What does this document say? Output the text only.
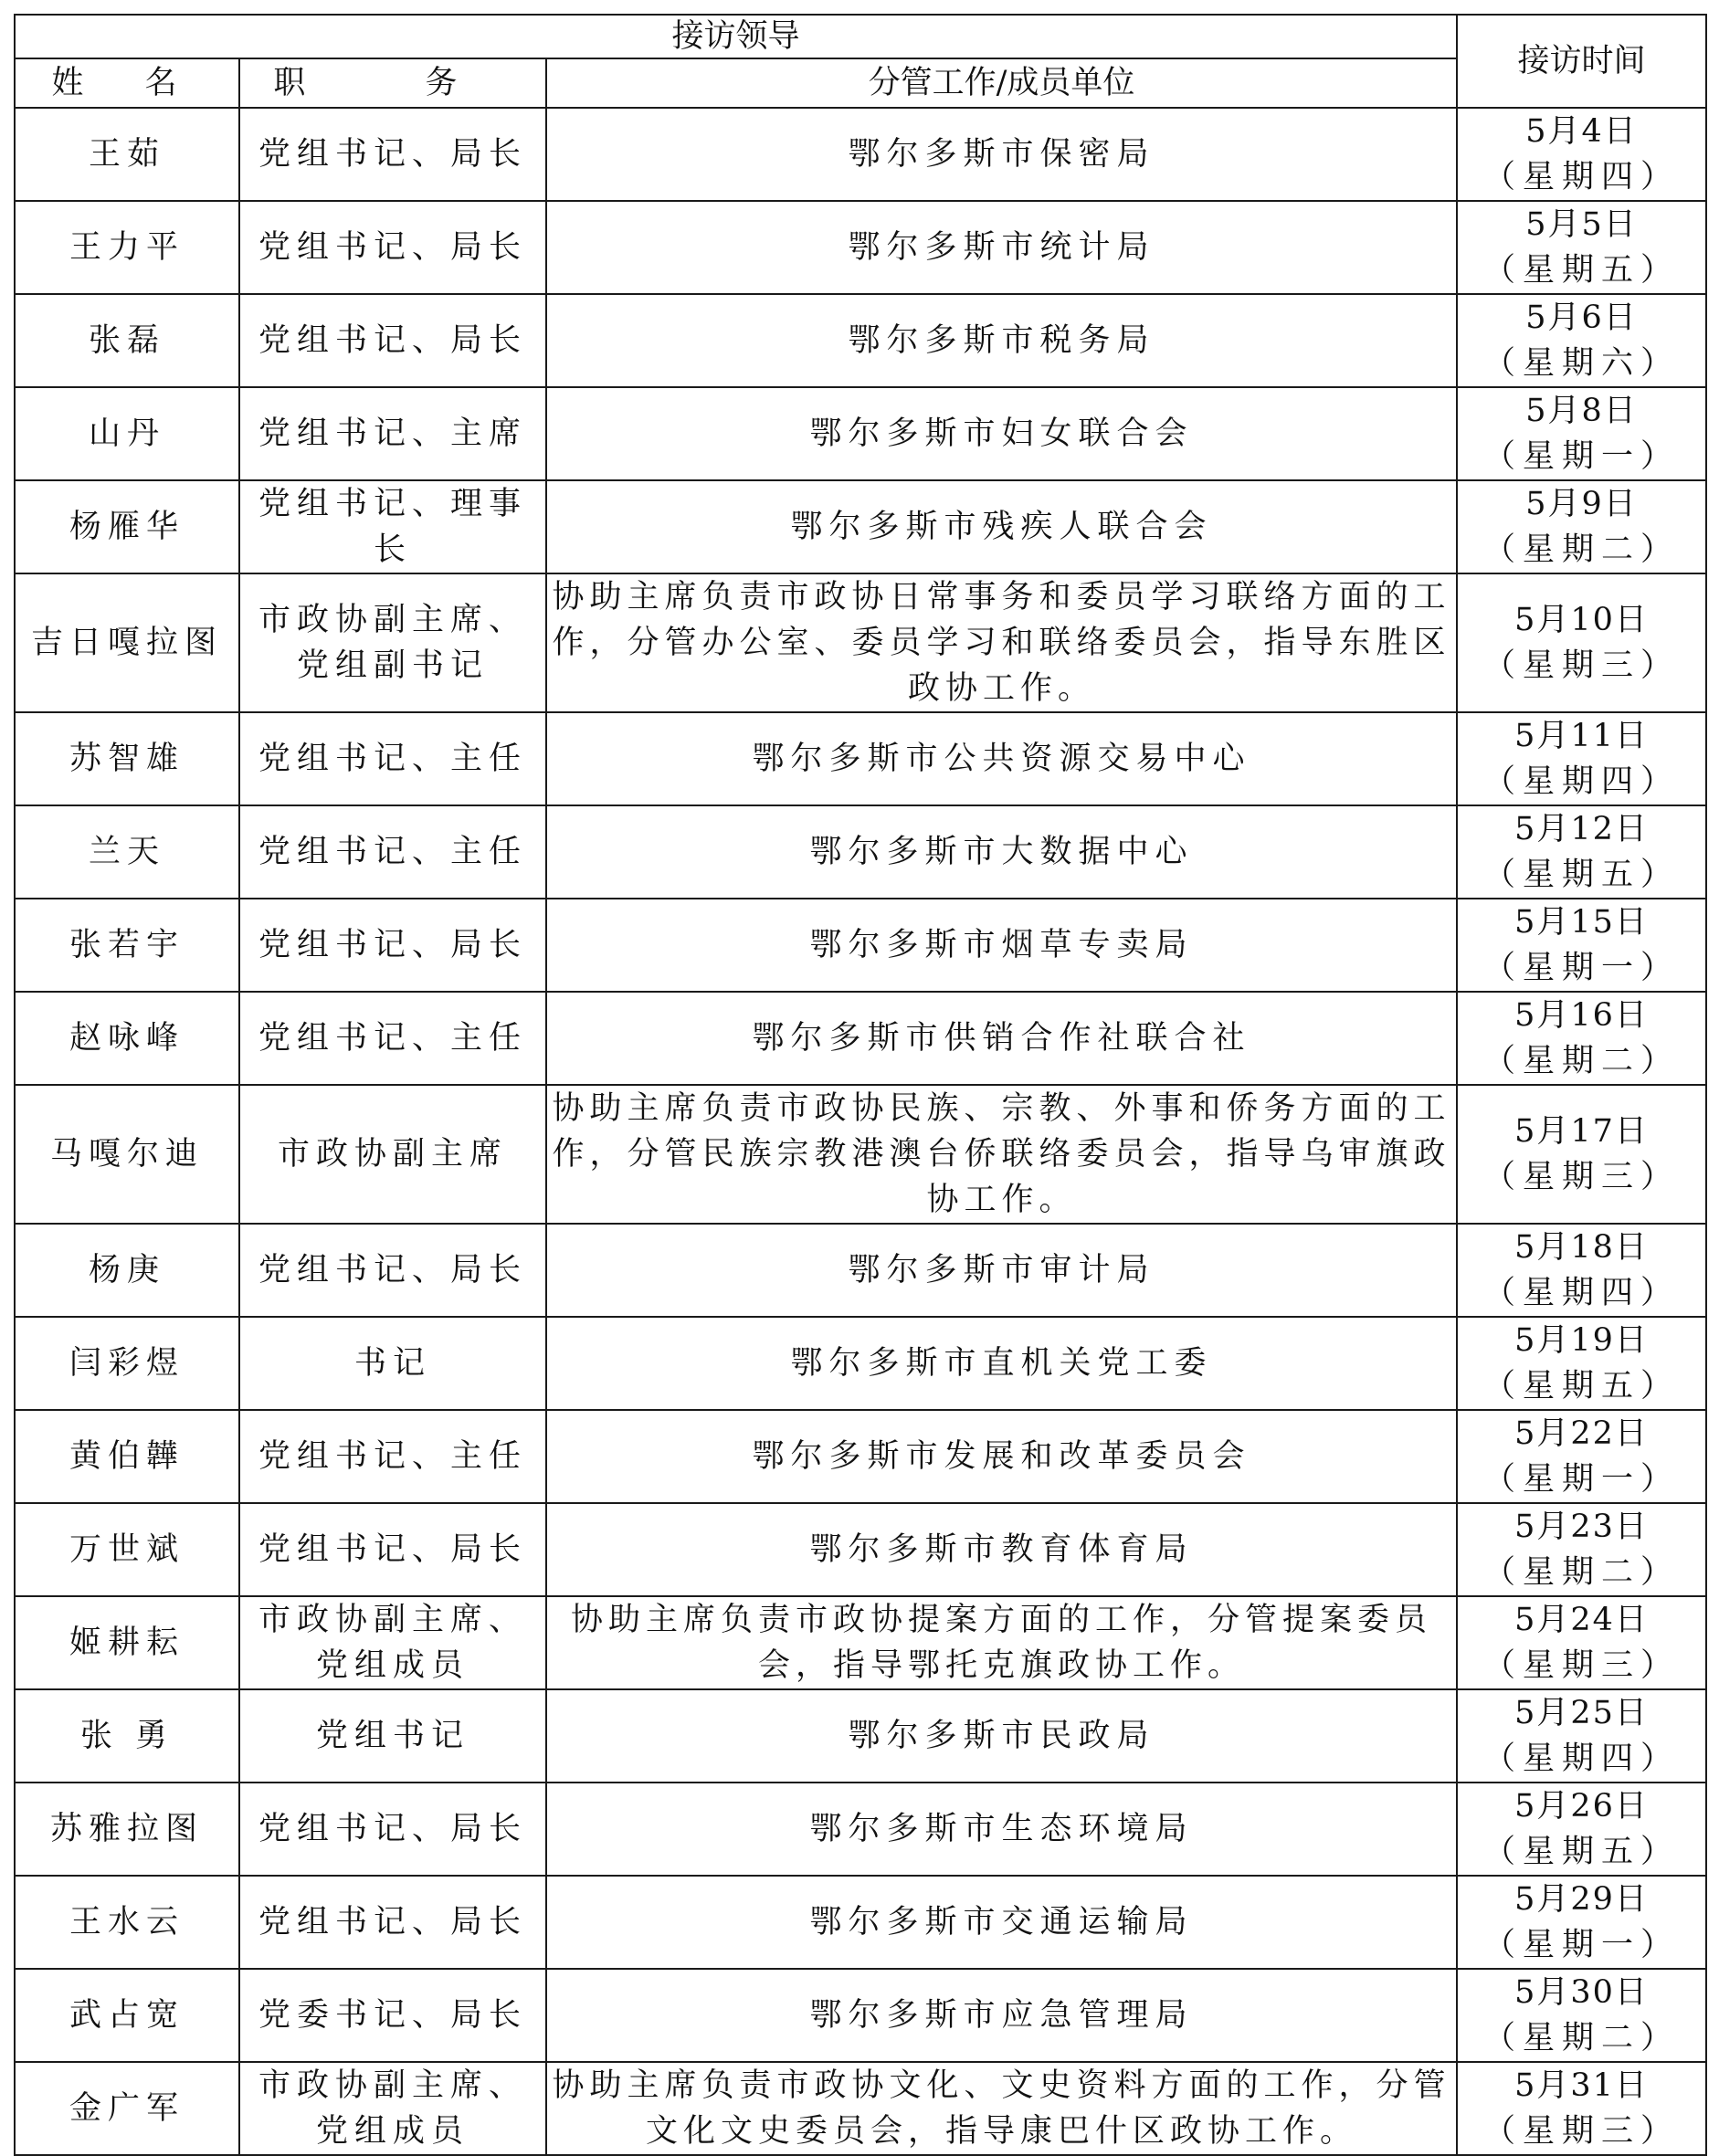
接访领导			接访时间
姓 名	职 务	分管工作/成员单位	
王茹	党组书记、局长	鄂尔多斯市保密局	5月4日
（星期四）

王力平	党组书记、局长	鄂尔多斯市统计局	5月5日
（星期五）

张磊	党组书记、局长	鄂尔多斯市税务局	5月6日
（星期六）

山丹	党组书记、主席	鄂尔多斯市妇女联合会	5月8日
（星期一）

杨雁华	党组书记、理事长	鄂尔多斯市残疾人联合会	5月9日
（星期二）

吉日嘎拉图	市政协副主席、党组副书记	协助主席负责市政协日常事务和委员学习联络方面的工作，分管办公室、委员学习和联络委员会，指导东胜区政协工作。	5月10日
（星期三）

苏智雄	党组书记、主任	鄂尔多斯市公共资源交易中心	5月11日
（星期四）

兰天	党组书记、主任	鄂尔多斯市大数据中心	5月12日
（星期五）

张若宇	党组书记、局长	鄂尔多斯市烟草专卖局	5月15日
（星期一）

赵咏峰	党组书记、主任	鄂尔多斯市供销合作社联合社	5月16日
（星期二）

马嘎尔迪	市政协副主席	协助主席负责市政协民族、宗教、外事和侨务方面的工作，分管民族宗教港澳台侨联络委员会，指导乌审旗政协工作。	5月17日
（星期三）

杨庚	党组书记、局长	鄂尔多斯市审计局	5月18日
（星期四）

闫彩煜	书记	鄂尔多斯市直机关党工委	5月19日
（星期五）

黄伯韡	党组书记、主任	鄂尔多斯市发展和改革委员会	5月22日
（星期一）

万世斌	党组书记、局长	鄂尔多斯市教育体育局	5月23日
（星期二）

姬耕耘	市政协副主席、党组成员	协助主席负责市政协提案方面的工作，分管提案委员会，指导鄂托克旗政协工作。	5月24日
（星期三）

张 勇	党组书记	鄂尔多斯市民政局	5月25日
（星期四）

苏雅拉图	党组书记、局长	鄂尔多斯市生态环境局	5月26日
（星期五）

王水云	党组书记、局长	鄂尔多斯市交通运输局	5月29日
（星期一）

武占宽	党委书记、局长	鄂尔多斯市应急管理局	5月30日
（星期二）

金广军	市政协副主席、党组成员	协助主席负责市政协文化、文史资料方面的工作，分管文化文史委员会，指导康巴什区政协工作。	5月31日
（星期三）
